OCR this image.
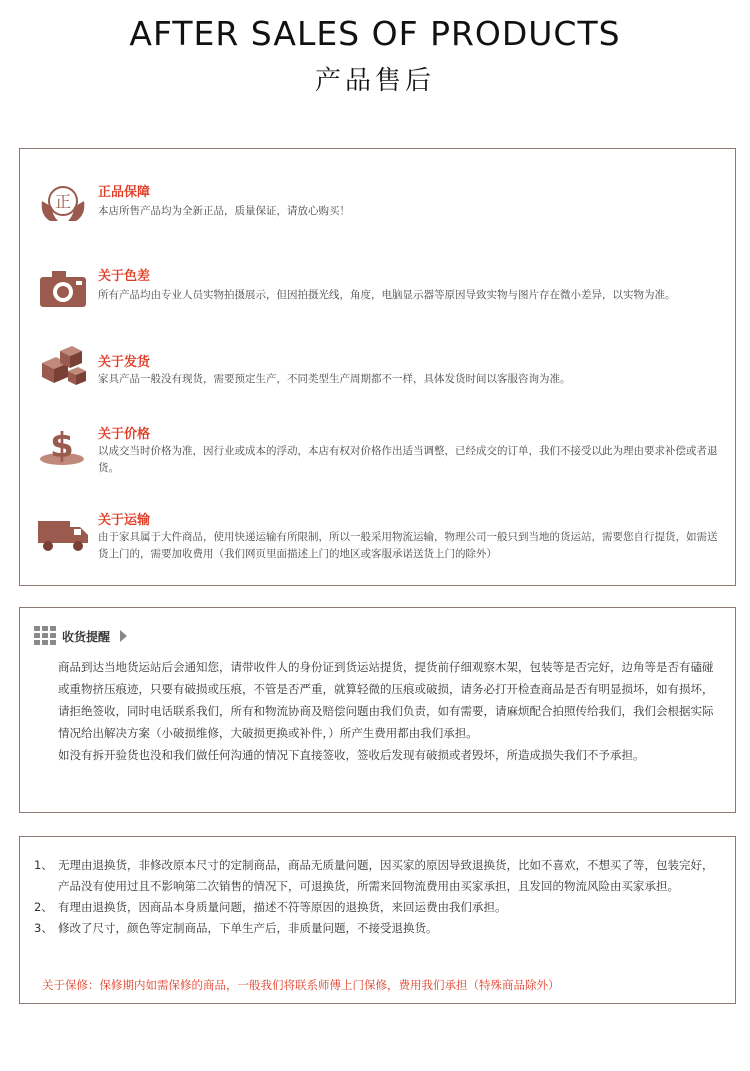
AFTER SALES OF PRODUCTS
产品售后
正 正品保障
本店所售产品均为全新正品，质量保证，请放心购买！
关于色差
所有产品均由专业人员实物拍摄展示，但因拍摄光线，角度，电脑显示器等原因导致实物与图片存在微小差异，以实物为准。
关于发货
家具产品一般没有现货，需要预定生产，不同类型生产周期都不一样，具体发货时间以客服咨询为准。
$ 关于价格
以成交当时价格为准，因行业或成本的浮动，本店有权对价格作出适当调整，已经成交的订单，我们不接受以此为理由要求补偿或者退货。
关于运输
由于家具属于大件商品，使用快递运输有所限制，所以一般采用物流运输，物理公司一般只到当地的货运站，需要您自行提货，如需送货上门的，需要加收费用（我们网页里面描述上门的地区或客服承诺送货上门的除外）
收货提醒

商品到达当地货运站后会通知您，请带收件人的身份证到货运站提货，提货前仔细观察木架，包装等是否完好，边角等是否有磕碰或重物挤压痕迹，只要有破损或压痕，不管是否严重，就算轻微的压痕或破损，请务必打开检查商品是否有明显损坏，如有损坏，请拒绝签收，同时电话联系我们，所有和物流协商及赔偿问题由我们负责，如有需要，请麻烦配合拍照传给我们，我们会根据实际情况给出解决方案（小破损维修，大破损更换或补件，）所产生费用都由我们承担。

如没有拆开验货也没和我们做任何沟通的情况下直接签收，签收后发现有破损或者毁坏，所造成损失我们不予承担。

1、 无理由退换货，非修改原本尺寸的定制商品，商品无质量问题，因买家的原因导致退换货，比如不喜欢，不想买了等，包装完好，产品没有使用过且不影响第二次销售的情况下，可退换货，所需来回物流费用由买家承担，且发回的物流风险由买家承担。
2、 有理由退换货，因商品本身质量问题，描述不符等原因的退换货，来回运费由我们承担。
3、 修改了尺寸，颜色等定制商品，下单生产后，非质量问题，不接受退换货。
关于保修：保修期内如需保修的商品，一般我们将联系师傅上门保修，费用我们承担（特殊商品除外）
